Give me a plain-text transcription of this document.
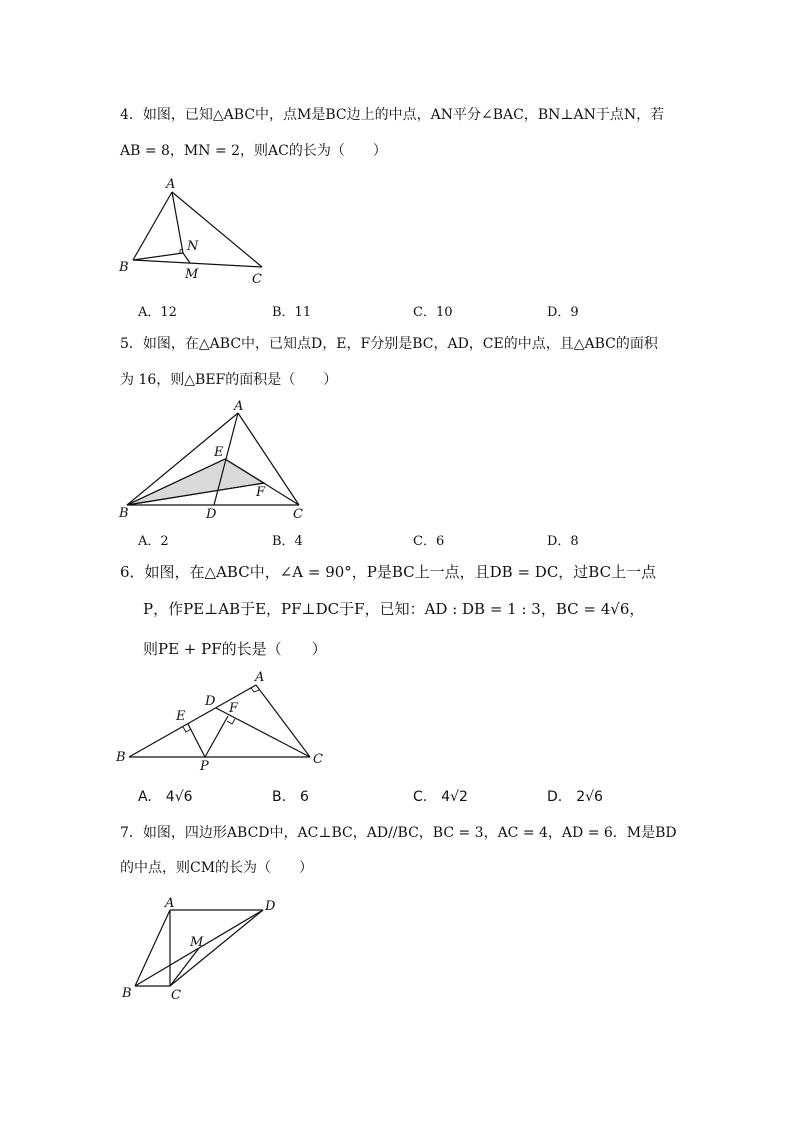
4．如图，已知△ABC中，点M是BC边上的中点，AN平分∠BAC，BN⊥AN于点N，若
AB = 8，MN = 2，则AC的长为（　　）
A
B
C
N
M
A．12	B．11	C．10	D．9
5．如图，在△ABC中，已知点D，E，F分别是BC，AD，CE的中点，且△ABC的面积
为 16，则△BEF的面积是（　　）
A
B	C
D
E
F
A．2	B．4	C．6	D．8
6．如图，在△ABC中，∠A = 90°，P是BC上一点，且DB = DC，过BC上一点
P，作PE⊥AB于E，PF⊥DC于F，已知：AD : DB = 1 : 3，BC = 4√6，
则PE + PF的长是（　　）
A
B	C
D
E
F
P
A.　4√6	B.　6	C.　4√2	D.　2√6
7．如图，四边形ABCD中，AC⊥BC，AD//BC，BC = 3，AC = 4，AD = 6．M是BD
的中点，则CM的长为（　　）
A
B	C
D
M
